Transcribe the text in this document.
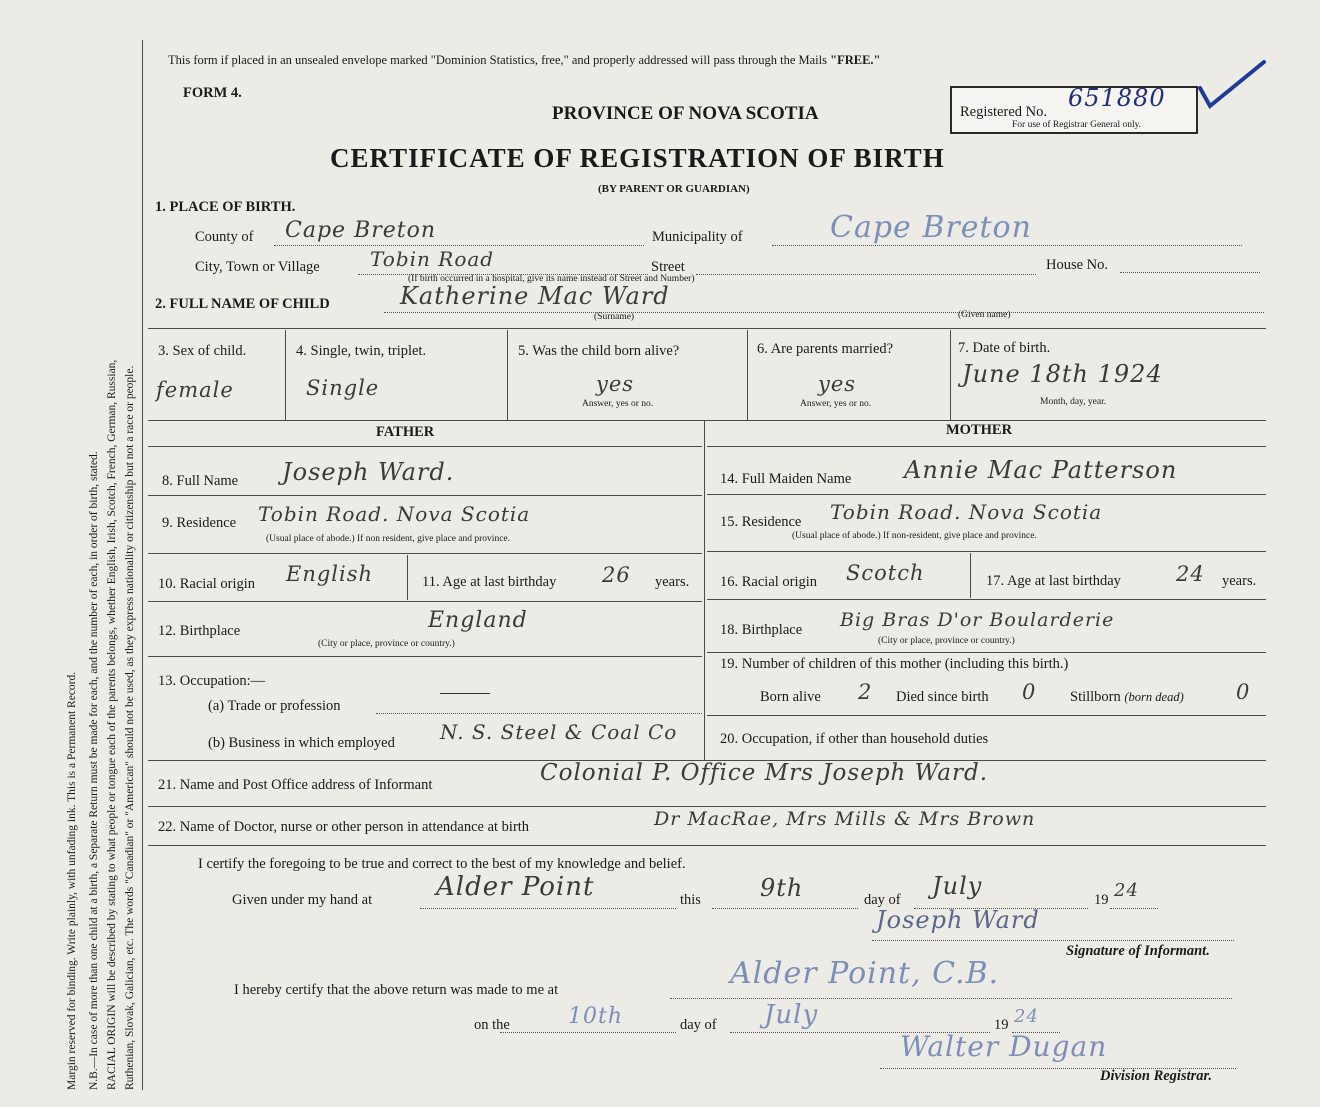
Margin reserved for binding. Write plainly, with unfading ink. This is a Permanent Record. N.B.—In case of more than one child at a birth, a Separate Return must be made for each, and the number of each, in order of birth, stated. RACIAL ORIGIN will be described by stating to what people or tongue each of the parents belongs, whether English, Irish, Scotch, French, German, Russian, Ruthenian, Slovak, Galician, etc. The words "Canadian" or "American" should not be used, as they express nationality or citizenship but not a race or people.
This form if placed in an unsealed envelope marked "Dominion Statistics, free," and properly addressed will pass through the Mails "FREE."
FORM 4.
PROVINCE OF NOVA SCOTIA
CERTIFICATE OF REGISTRATION OF BIRTH
(BY PARENT OR GUARDIAN)
Registered No. 651880
For use of Registrar General only.
1. PLACE OF BIRTH.
County of Cape Breton	Municipality of	Cape Breton
City, Town or Village	Tobin Road	Street	House No.
(If birth occurred in a hospital, give its name instead of Street and Number)
2. FULL NAME OF CHILD	Katherine Mac Ward
(Surname)	(Given name)
3. Sex of child.
female
4. Single, twin, triplet.
Single
5. Was the child born alive?
yes
Answer, yes or no.
6. Are parents married?
yes
Answer, yes or no.
7. Date of birth.
June 18th 1924
Month, day, year.
FATHER	MOTHER
8. Full Name Joseph Ward.
9. Residence Tobin Road. Nova Scotia
(Usual place of abode.) If non resident, give place and province.
10. Racial origin English	11. Age at last birthday 26 years.
12. Birthplace	England
(City or place, province or country.)
13. Occupation:—
(a) Trade or profession
(b) Business in which employed N. S. Steel & Coal Co
14. Full Maiden Name Annie Mac Patterson
15. Residence Tobin Road. Nova Scotia
(Usual place of abode.) If non-resident, give place and province.
16. Racial origin Scotch	17. Age at last birthday	24 years.
18. Birthplace Big Bras D'or Boularderie
(City or place, province or country.)
19. Number of children of this mother (including this birth.)
Born alive 2 Died since birth 0 Stillborn (born dead) 0
20. Occupation, if other than household duties
21. Name and Post Office address of Informant	Colonial P. Office Mrs Joseph Ward.
22. Name of Doctor, nurse or other person in attendance at birth	Dr MacRae, Mrs Mills & Mrs Brown
I certify the foregoing to be true and correct to the best of my knowledge and belief.
Given under my hand at Alder Point	this 9th	day of July	19 24
Joseph Ward
Signature of Informant.
I hereby certify that the above return was made to me at	Alder Point, C.B.
on the	10th	day of July	19 24
Walter Dugan
Division Registrar.
